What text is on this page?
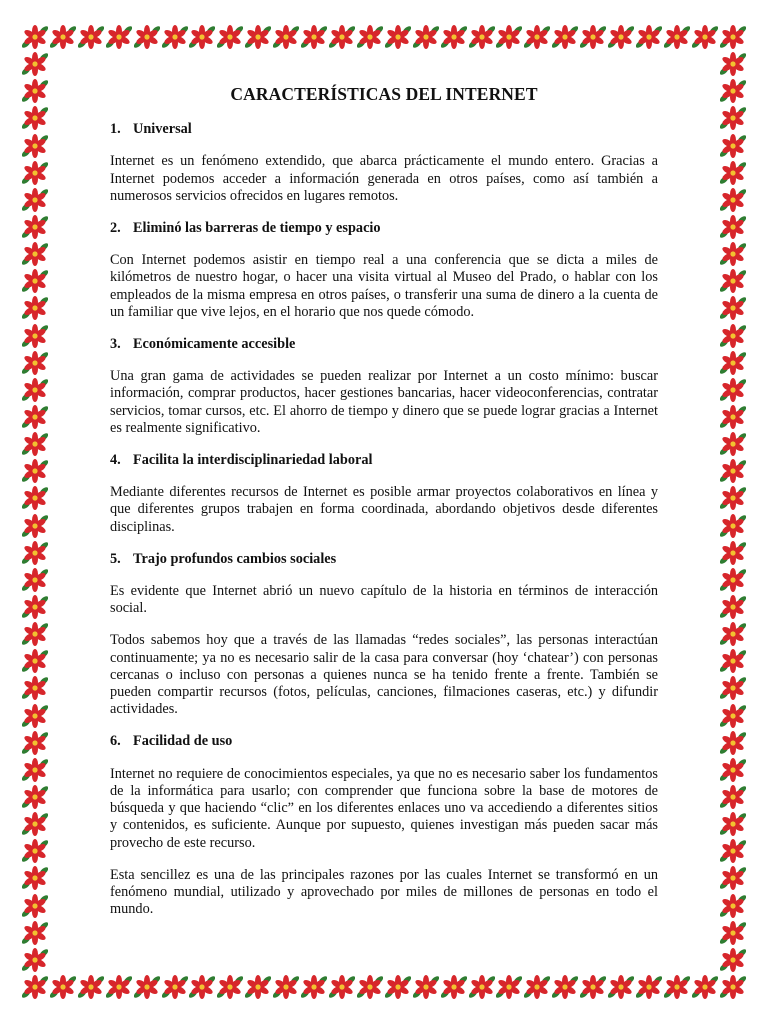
CARACTERÍSTICAS DEL INTERNET
1. Universal

Internet es un fenómeno extendido, que abarca prácticamente el mundo entero. Gracias a Internet podemos acceder a información generada en otros países, como así también a numerosos servicios ofrecidos en lugares remotos.

2. Eliminó las barreras de tiempo y espacio

Con Internet podemos asistir en tiempo real a una conferencia que se dicta a miles de kilómetros de nuestro hogar, o hacer una visita virtual al Museo del Prado, o hablar con los empleados de la misma empresa en otros países, o transferir una suma de dinero a la cuenta de un familiar que vive lejos, en el horario que nos quede cómodo.

3. Económicamente accesible

Una gran gama de actividades se pueden realizar por Internet a un costo mínimo: buscar información, comprar productos, hacer gestiones bancarias, hacer videoconferencias, contratar servicios, tomar cursos, etc. El ahorro de tiempo y dinero que se puede lograr gracias a Internet es realmente significativo.

4. Facilita la interdisciplinariedad laboral

Mediante diferentes recursos de Internet es posible armar proyectos colaborativos en línea y que diferentes grupos trabajen en forma coordinada, abordando objetivos desde diferentes disciplinas.

5. Trajo profundos cambios sociales

Es evidente que Internet abrió un nuevo capítulo de la historia en términos de interacción social.

Todos sabemos hoy que a través de las llamadas “redes sociales”, las personas interactúan continuamente; ya no es necesario salir de la casa para conversar (hoy ‘chatear’) con personas cercanas o incluso con personas a quienes nunca se ha tenido frente a frente. También se pueden compartir recursos (fotos, películas, canciones, filmaciones caseras, etc.) y difundir actividades.

6. Facilidad de uso

Internet no requiere de conocimientos especiales, ya que no es necesario saber los fundamentos de la informática para usarlo; con comprender que funciona sobre la base de motores de búsqueda y que haciendo “clic” en los diferentes enlaces uno va accediendo a diferentes sitios y contenidos, es suficiente. Aunque por supuesto, quienes investigan más pueden sacar más provecho de este recurso.

Esta sencillez es una de las principales razones por las cuales Internet se transformó en un fenómeno mundial, utilizado y aprovechado por miles de millones de personas en todo el mundo.
